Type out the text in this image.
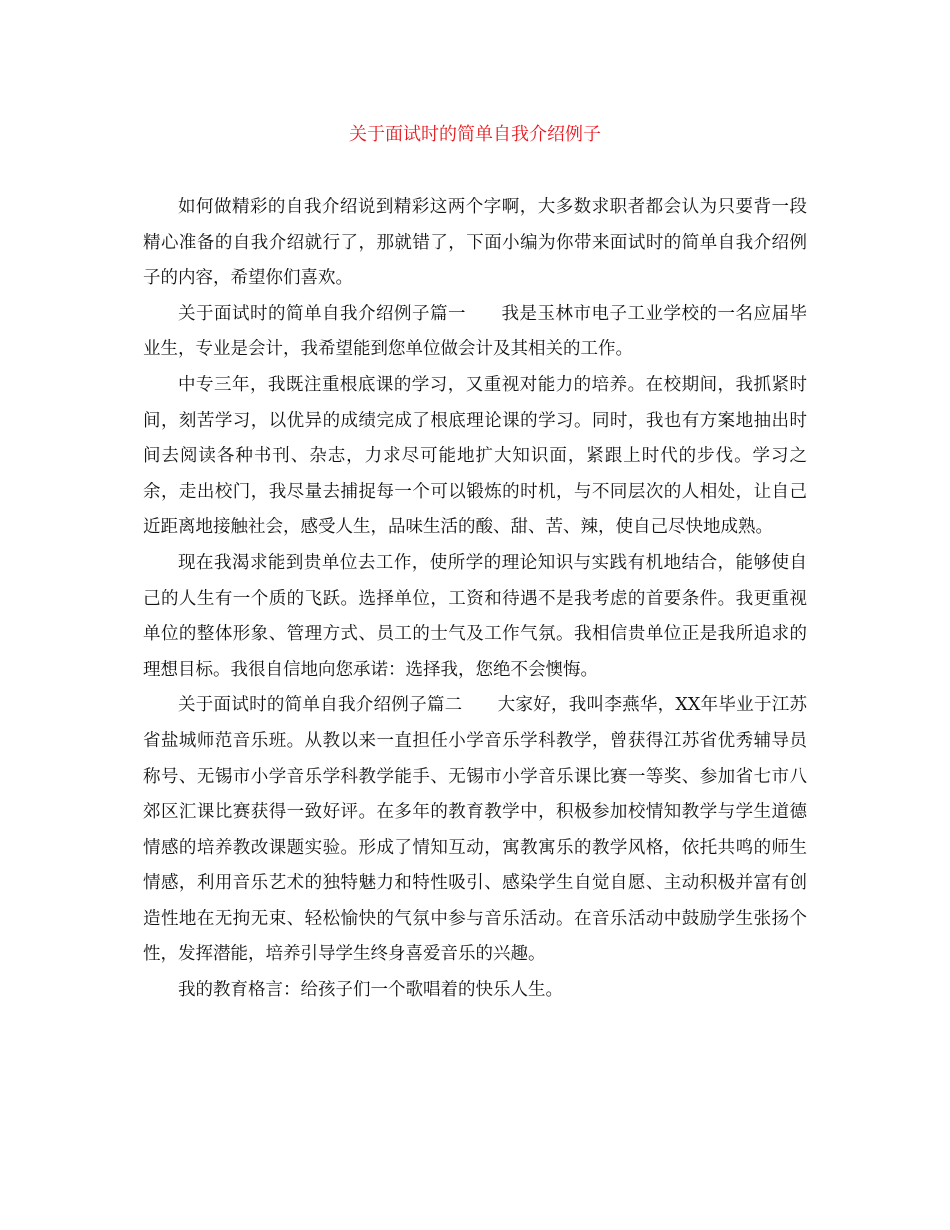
关于面试时的简单自我介绍例子

如何做精彩的自我介绍说到精彩这两个字啊，大多数求职者都会认为只要背一段精心准备的自我介绍就行了，那就错了，下面小编为你带来面试时的简单自我介绍例子的内容，希望你们喜欢。

关于面试时的简单自我介绍例子篇一 我是玉林市电子工业学校的一名应届毕业生，专业是会计，我希望能到您单位做会计及其相关的工作。

中专三年，我既注重根底课的学习，又重视对能力的培养。在校期间，我抓紧时间，刻苦学习，以优异的成绩完成了根底理论课的学习。同时，我也有方案地抽出时间去阅读各种书刊、杂志，力求尽可能地扩大知识面，紧跟上时代的步伐。学习之余，走出校门，我尽量去捕捉每一个可以锻炼的时机，与不同层次的人相处，让自己近距离地接触社会，感受人生，品味生活的酸、甜、苦、辣，使自己尽快地成熟。

现在我渴求能到贵单位去工作，使所学的理论知识与实践有机地结合，能够使自己的人生有一个质的飞跃。选择单位，工资和待遇不是我考虑的首要条件。我更重视单位的整体形象、管理方式、员工的士气及工作气氛。我相信贵单位正是我所追求的理想目标。我很自信地向您承诺：选择我，您绝不会懊悔。

关于面试时的简单自我介绍例子篇二 大家好，我叫李燕华，XX年毕业于江苏省盐城师范音乐班。从教以来一直担任小学音乐学科教学，曾获得江苏省优秀辅导员称号、无锡市小学音乐学科教学能手、无锡市小学音乐课比赛一等奖、参加省七市八郊区汇课比赛获得一致好评。在多年的教育教学中，积极参加校情知教学与学生道德情感的培养教改课题实验。形成了情知互动，寓教寓乐的教学风格，依托共鸣的师生情感，利用音乐艺术的独特魅力和特性吸引、感染学生自觉自愿、主动积极并富有创造性地在无拘无束、轻松愉快的气氛中参与音乐活动。在音乐活动中鼓励学生张扬个性，发挥潜能，培养引导学生终身喜爱音乐的兴趣。

我的教育格言：给孩子们一个歌唱着的快乐人生。
